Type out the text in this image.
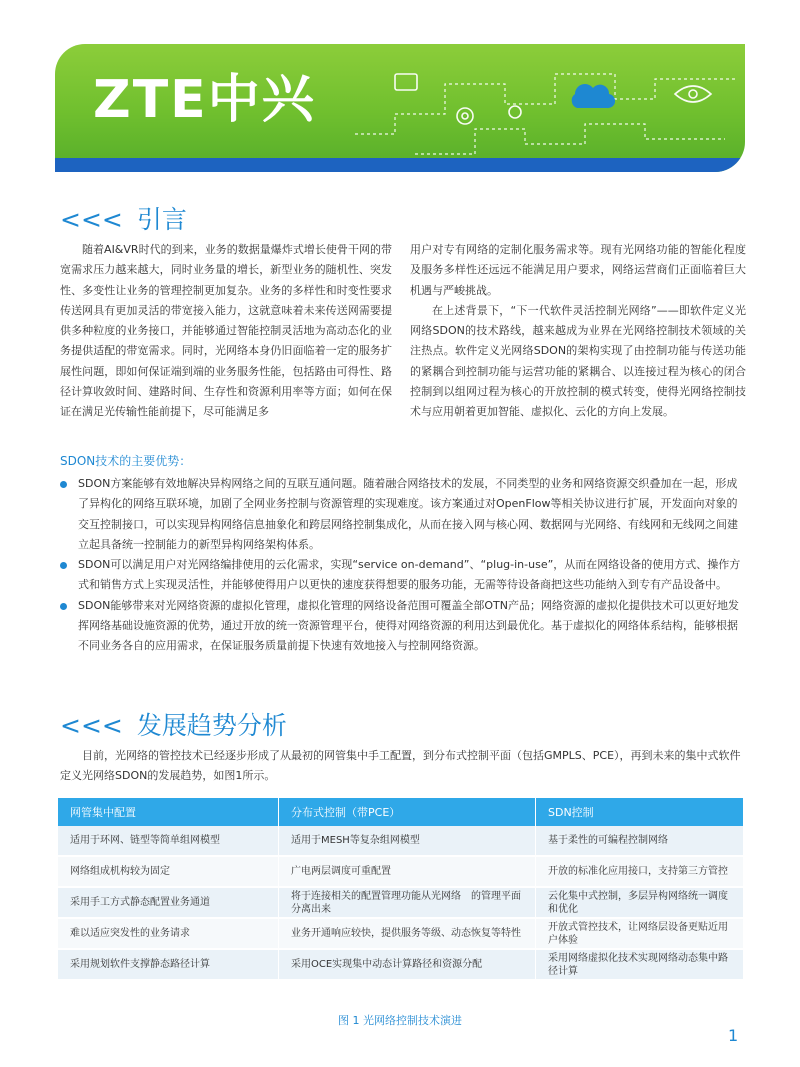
ZTE中兴
<<< 引言

随着AI&VR时代的到来，业务的数据量爆炸式增长使骨干网的带宽需求压力越来越大，同时业务量的增长，新型业务的随机性、突发性、多变性让业务的管理控制更加复杂。业务的多样性和时变性要求传送网具有更加灵活的带宽接入能力，这就意味着未来传送网需要提供多种粒度的业务接口，并能够通过智能控制灵活地为高动态化的业务提供适配的带宽需求。同时，光网络本身仍旧面临着一定的服务扩展性问题，即如何保证端到端的业务服务性能，包括路由可得性、路径计算收敛时间、建路时间、生存性和资源利用率等方面；如何在保证在满足光传输性能前提下，尽可能满足多

用户对专有网络的定制化服务需求等。现有光网络功能的智能化程度及服务多样性还远远不能满足用户要求，网络运营商们正面临着巨大机遇与严峻挑战。

在上述背景下，“下一代软件灵活控制光网络”——即软件定义光网络SDON的技术路线，越来越成为业界在光网络控制技术领域的关注热点。软件定义光网络SDON的架构实现了由控制功能与传送功能的紧耦合到控制功能与运营功能的紧耦合、以连接过程为核心的闭合控制到以组网过程为核心的开放控制的模式转变，使得光网络控制技术与应用朝着更加智能、虚拟化、云化的方向上发展。

SDON技术的主要优势：
SDON方案能够有效地解决异构网络之间的互联互通问题。随着融合网络技术的发展，不同类型的业务和网络资源交织叠加在一起，形成了异构化的网络互联环境，加剧了全网业务控制与资源管理的实现难度。该方案通过对OpenFlow等相关协议进行扩展，开发面向对象的交互控制接口，可以实现异构网络信息抽象化和跨层网络控制集成化，从而在接入网与核心网、数据网与光网络、有线网和无线网之间建立起具备统一控制能力的新型异构网络架构体系。
SDON可以满足用户对光网络编排使用的云化需求，实现“service on-demand”、“plug-in-use”，从而在网络设备的使用方式、操作方式和销售方式上实现灵活性，并能够使得用户以更快的速度获得想要的服务功能，无需等待设备商把这些功能纳入到专有产品设备中。
SDON能够带来对光网络资源的虚拟化管理，虚拟化管理的网络设备范围可覆盖全部OTN产品；网络资源的虚拟化提供技术可以更好地发挥网络基础设施资源的优势，通过开放的统一资源管理平台，使得对网络资源的利用达到最优化。基于虚拟化的网络体系结构，能够根据不同业务各自的应用需求，在保证服务质量前提下快速有效地接入与控制网络资源。
<<< 发展趋势分析

目前，光网络的管控技术已经逐步形成了从最初的网管集中手工配置，到分布式控制平面（包括GMPLS、PCE），再到未来的集中式软件定义光网络SDON的发展趋势，如图1所示。

网管集中配置	分布式控制（带PCE）	SDN控制
适用于环网、链型等简单组网模型	适用于MESH等复杂组网模型	基于柔性的可编程控制网络
网络组成机构较为固定	广电两层调度可重配置	开放的标准化应用接口，支持第三方管控
采用手工方式静态配置业务通道	将于连接相关的配置管理功能从光网络　的管理平面分离出来	云化集中式控制，多层异构网络统一调度和优化
难以适应突发性的业务请求	业务开通响应较快，提供服务等级、动态恢复等特性	开放式管控技术，让网络层设备更贴近用户体验
采用规划软件支撑静态路径计算	采用OCE实现集中动态计算路径和资源分配	采用网络虚拟化技术实现网络动态集中路径计算
图 1 光网络控制技术演进
1
